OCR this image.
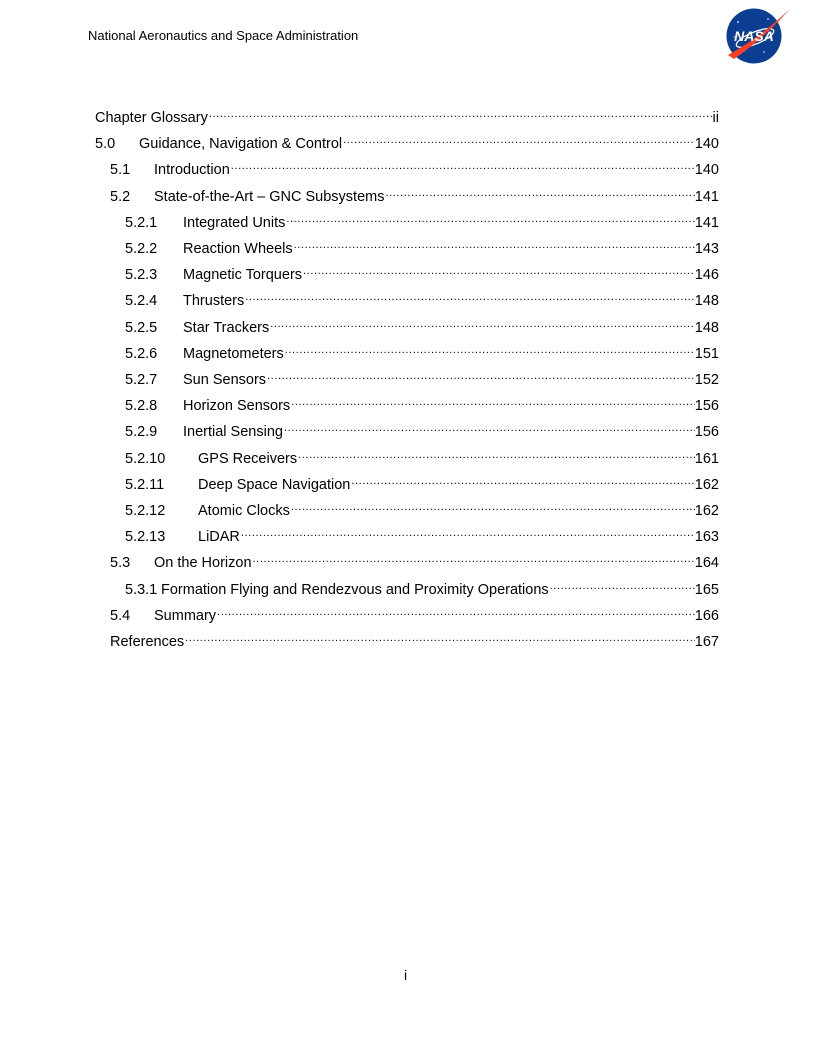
National Aeronautics and Space Administration	NASA
Chapter Glossary .....	ii
5.0	Guidance, Navigation & Control .....	140
5.1	Introduction .....	140
5.2	State-of-the-Art – GNC Subsystems .....	141
5.2.1	Integrated Units .....	141
5.2.2	Reaction Wheels .....	143
5.2.3	Magnetic Torquers .....	146
5.2.4	Thrusters .....	148
5.2.5	Star Trackers .....	148
5.2.6	Magnetometers .....	151
5.2.7	Sun Sensors .....	152
5.2.8	Horizon Sensors .....	156
5.2.9	Inertial Sensing .....	156
5.2.10	GPS Receivers .....	161
5.2.11	Deep Space Navigation .....	162
5.2.12	Atomic Clocks .....	162
5.2.13	LiDAR .....	163
5.3	On the Horizon .....	164
5.3.1 Formation Flying and Rendezvous and Proximity Operations .....	165
5.4	Summary .....	166
References .....	167
i
